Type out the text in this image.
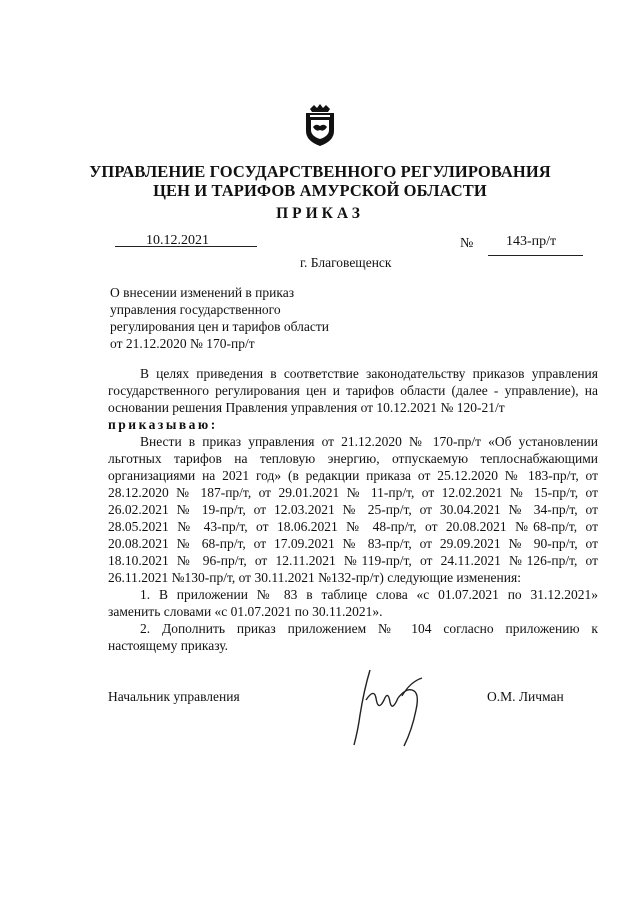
УПРАВЛЕНИЕ ГОСУДАРСТВЕННОГО РЕГУЛИРОВАНИЯ
ЦЕН И ТАРИФОВ АМУРСКОЙ ОБЛАСТИ
ПРИКАЗ
10.12.2021	№ 143-пр/т
г. Благовещенск
О внесении изменений в приказ
управления государственного
регулирования цен и тарифов области
от 21.12.2020 № 170-пр/т
В целях приведения в соответствие законодательству приказов управления
государственного регулирования цен и тарифов области (далее - управление), на
основании решения Правления управления от 10.12.2021 № 120-21/т
приказываю:
Внести в приказ управления от 21.12.2020 № 170-пр/т «Об установлении
льготных тарифов на тепловую энергию, отпускаемую теплоснабжающими
организациями на 2021 год» (в редакции приказа от 25.12.2020 № 183-пр/т, от
28.12.2020 № 187-пр/т, от 29.01.2021 № 11-пр/т, от 12.02.2021 № 15-пр/т, от
26.02.2021 № 19-пр/т, от 12.03.2021 № 25-пр/т, от 30.04.2021 № 34-пр/т, от
28.05.2021 № 43-пр/т, от 18.06.2021 № 48-пр/т, от 20.08.2021 №68-пр/т, от
20.08.2021 № 68-пр/т, от 17.09.2021 № 83-пр/т, от 29.09.2021 № 90-пр/т, от
18.10.2021 № 96-пр/т, от 12.11.2021 №119-пр/т, от 24.11.2021 №126-пр/т, от
26.11.2021 №130-пр/т, от 30.11.2021 №132-пр/т) следующие изменения:
1. В приложении № 83 в таблице слова «с 01.07.2021 по 31.12.2021»
заменить словами «с 01.07.2021 по 30.11.2021».
2. Дополнить приказ приложением № 104 согласно приложению к
настоящему приказу.
Начальник управления	О.М. Личман
